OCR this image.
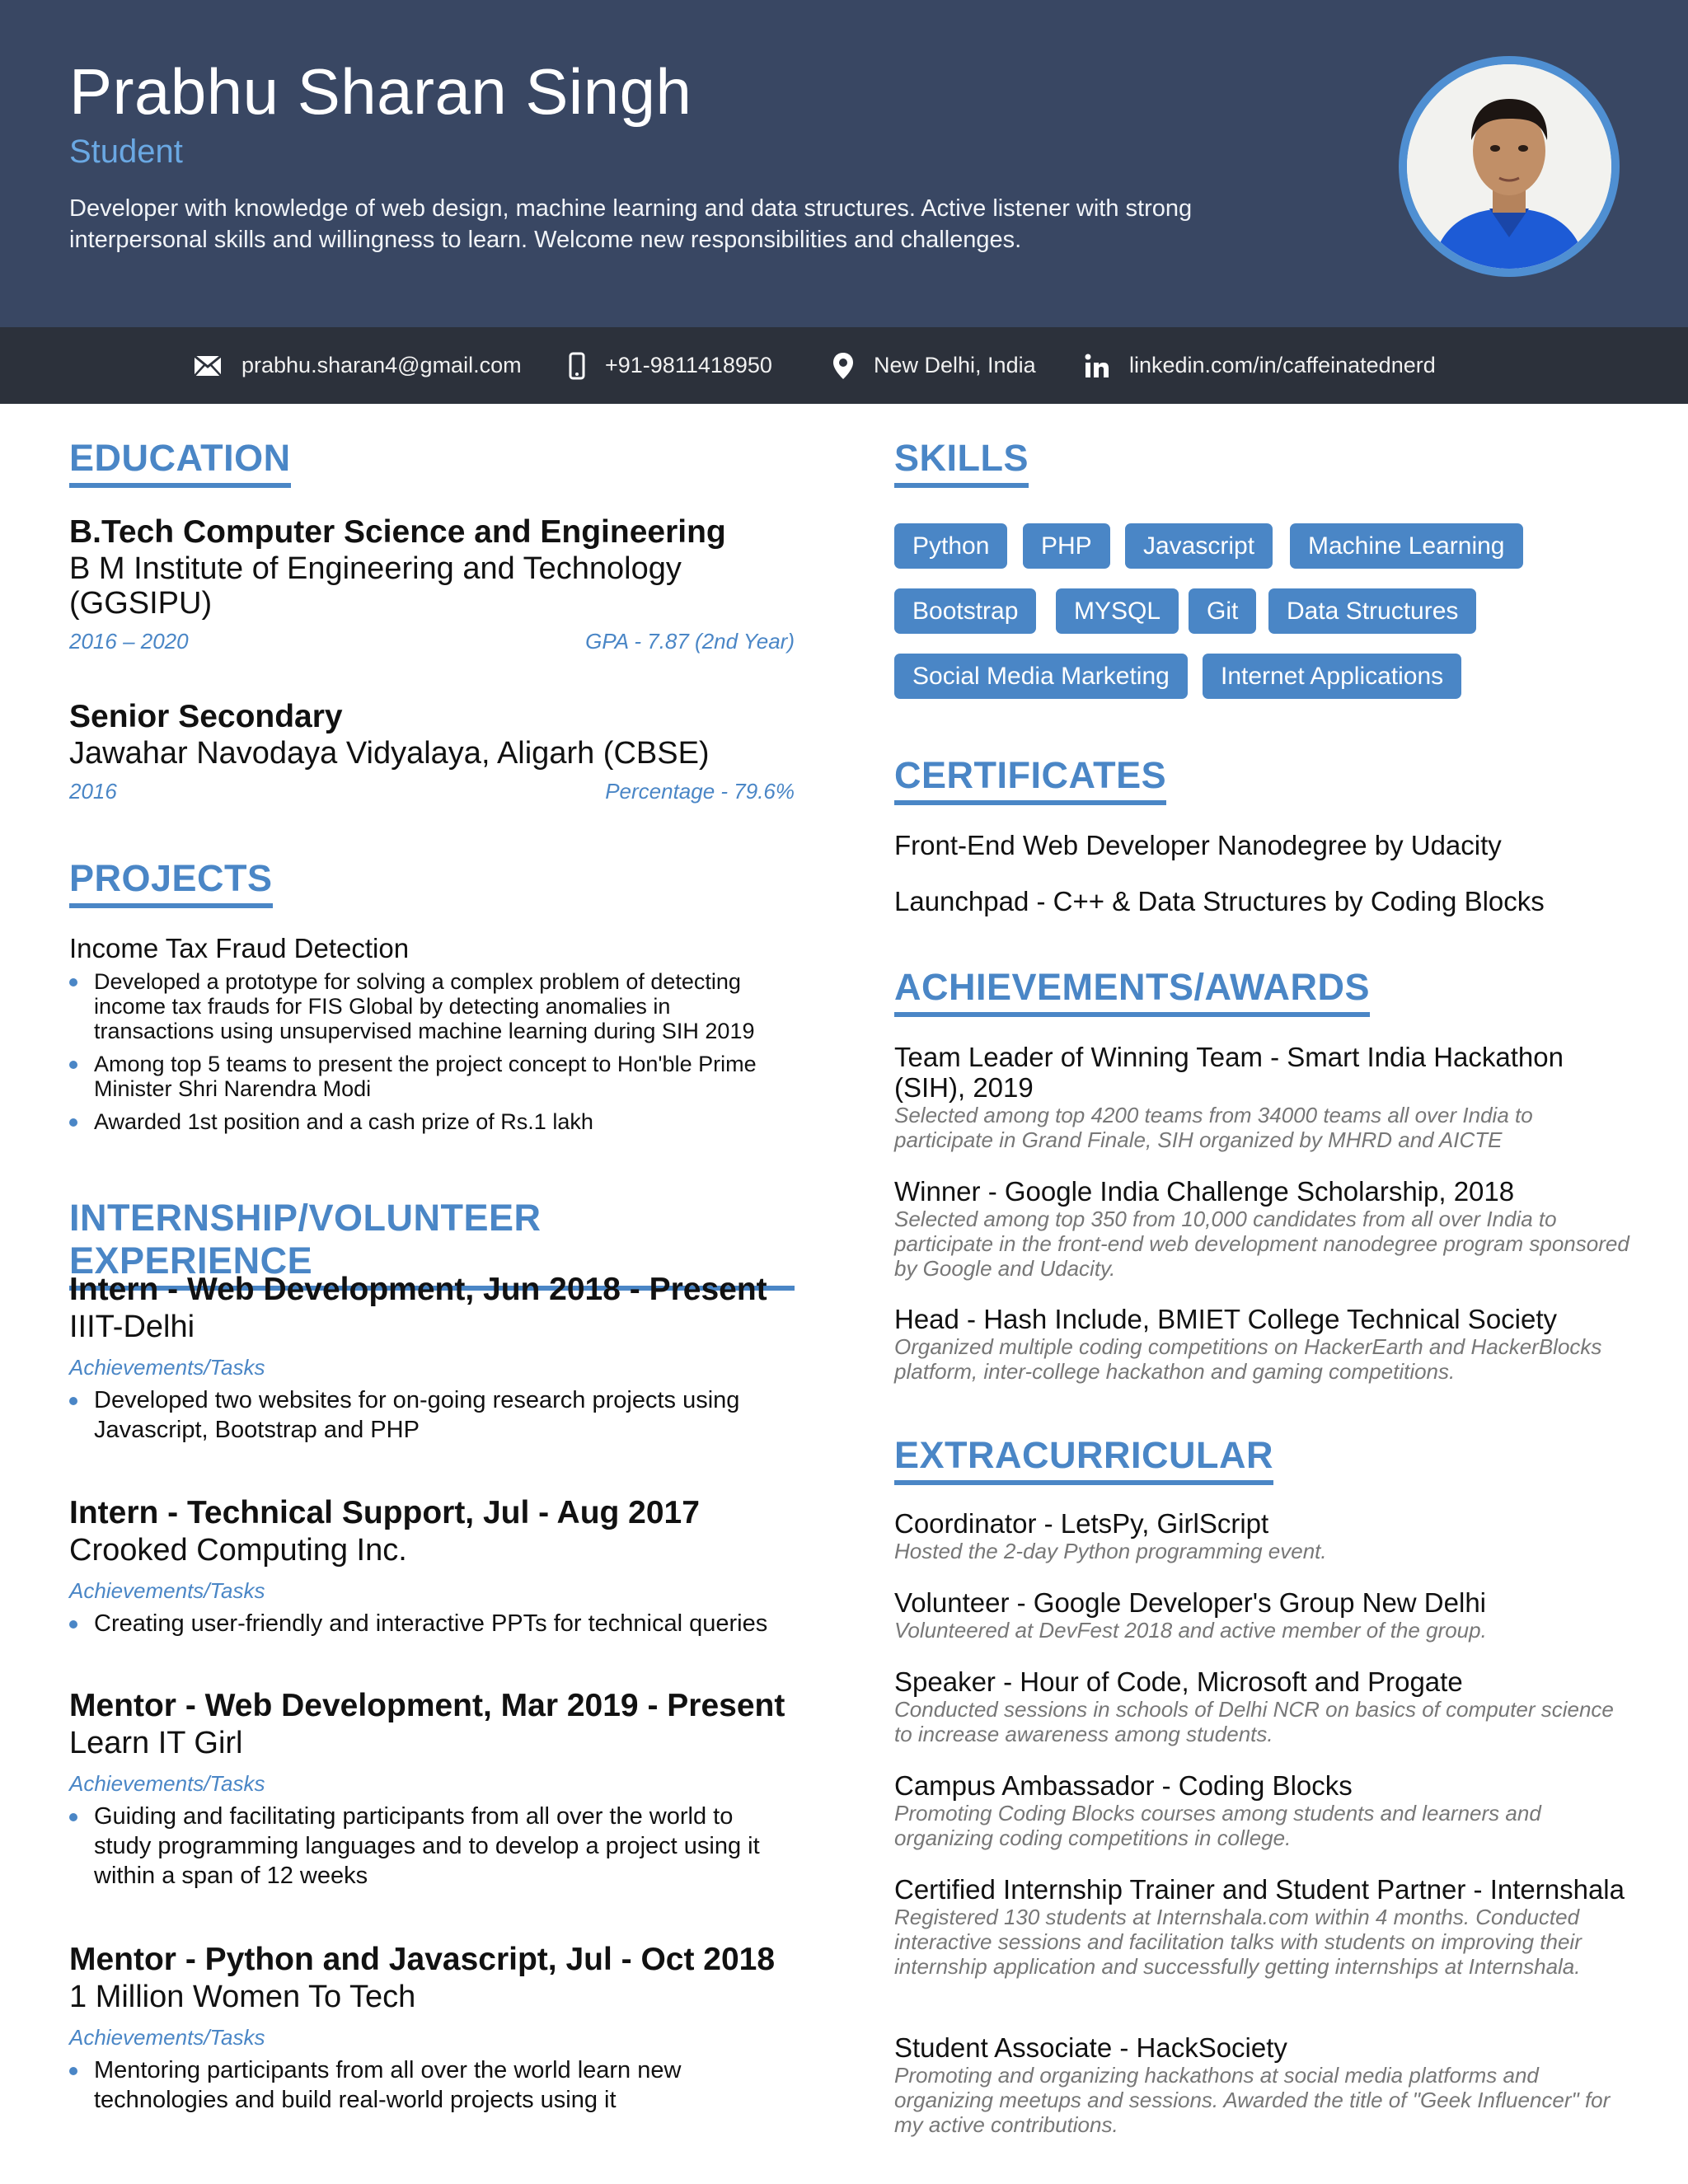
Prabhu Sharan Singh
Student
Developer with knowledge of web design, machine learning and data structures. Active listener with strong interpersonal skills and willingness to learn. Welcome new responsibilities and challenges.
prabhu.sharan4@gmail.com	+91-9811418950	New Delhi, India	linkedin.com/in/caffeinatednerd
EDUCATION
B.Tech Computer Science and Engineering
B M Institute of Engineering and Technology (GGSIPU)
2016 – 2020	GPA - 7.87 (2nd Year)
Senior Secondary
Jawahar Navodaya Vidyalaya, Aligarh (CBSE)
2016	Percentage - 79.6%
PROJECTS
Income Tax Fraud Detection
Developed a prototype for solving a complex problem of detecting income tax frauds for FIS Global by detecting anomalies in transactions using unsupervised machine learning during SIH 2019
Among top 5 teams to present the project concept to Hon'ble Prime Minister Shri Narendra Modi
Awarded 1st position and a cash prize of Rs.1 lakh
INTERNSHIP/VOLUNTEER EXPERIENCE
Intern - Web Development, Jun 2018 - Present
IIIT-Delhi
Achievements/Tasks
Developed two websites for on-going research projects using Javascript, Bootstrap and PHP
Intern - Technical Support, Jul - Aug 2017
Crooked Computing Inc.
Achievements/Tasks
Creating user-friendly and interactive PPTs for technical queries
Mentor - Web Development, Mar 2019 - Present
Learn IT Girl
Achievements/Tasks
Guiding and facilitating participants from all over the world to study programming languages and to develop a project using it within a span of 12 weeks
Mentor - Python and Javascript, Jul - Oct 2018
1 Million Women To Tech
Achievements/Tasks
Mentoring participants from all over the world learn new technologies and build real-world projects using it
SKILLS
Python	PHP	Javascript	Machine Learning
Bootstrap	MYSQL	Git	Data Structures
Social Media Marketing	Internet Applications
CERTIFICATES
Front-End Web Developer Nanodegree by Udacity
Launchpad - C++ & Data Structures by Coding Blocks
ACHIEVEMENTS/AWARDS
Team Leader of Winning Team - Smart India Hackathon (SIH), 2019
Selected among top 4200 teams from 34000 teams all over India to participate in Grand Finale, SIH organized by MHRD and AICTE
Winner - Google India Challenge Scholarship, 2018
Selected among top 350 from 10,000 candidates from all over India to participate in the front-end web development nanodegree program sponsored by Google and Udacity.
Head - Hash Include, BMIET College Technical Society
Organized multiple coding competitions on HackerEarth and HackerBlocks platform, inter-college hackathon and gaming competitions.
EXTRACURRICULAR
Coordinator - LetsPy, GirlScript
Hosted the 2-day Python programming event.
Volunteer - Google Developer's Group New Delhi
Volunteered at DevFest 2018 and active member of the group.
Speaker - Hour of Code, Microsoft and Progate
Conducted sessions in schools of Delhi NCR on basics of computer science to increase awareness among students.
Campus Ambassador - Coding Blocks
Promoting Coding Blocks courses among students and learners and organizing coding competitions in college.
Certified Internship Trainer and Student Partner - Internshala
Registered 130 students at Internshala.com within 4 months. Conducted interactive sessions and facilitation talks with students on improving their internship application and successfully getting internships at Internshala.
Student Associate - HackSociety
Promoting and organizing hackathons at social media platforms and organizing meetups and sessions. Awarded the title of "Geek Influencer" for my active contributions.
